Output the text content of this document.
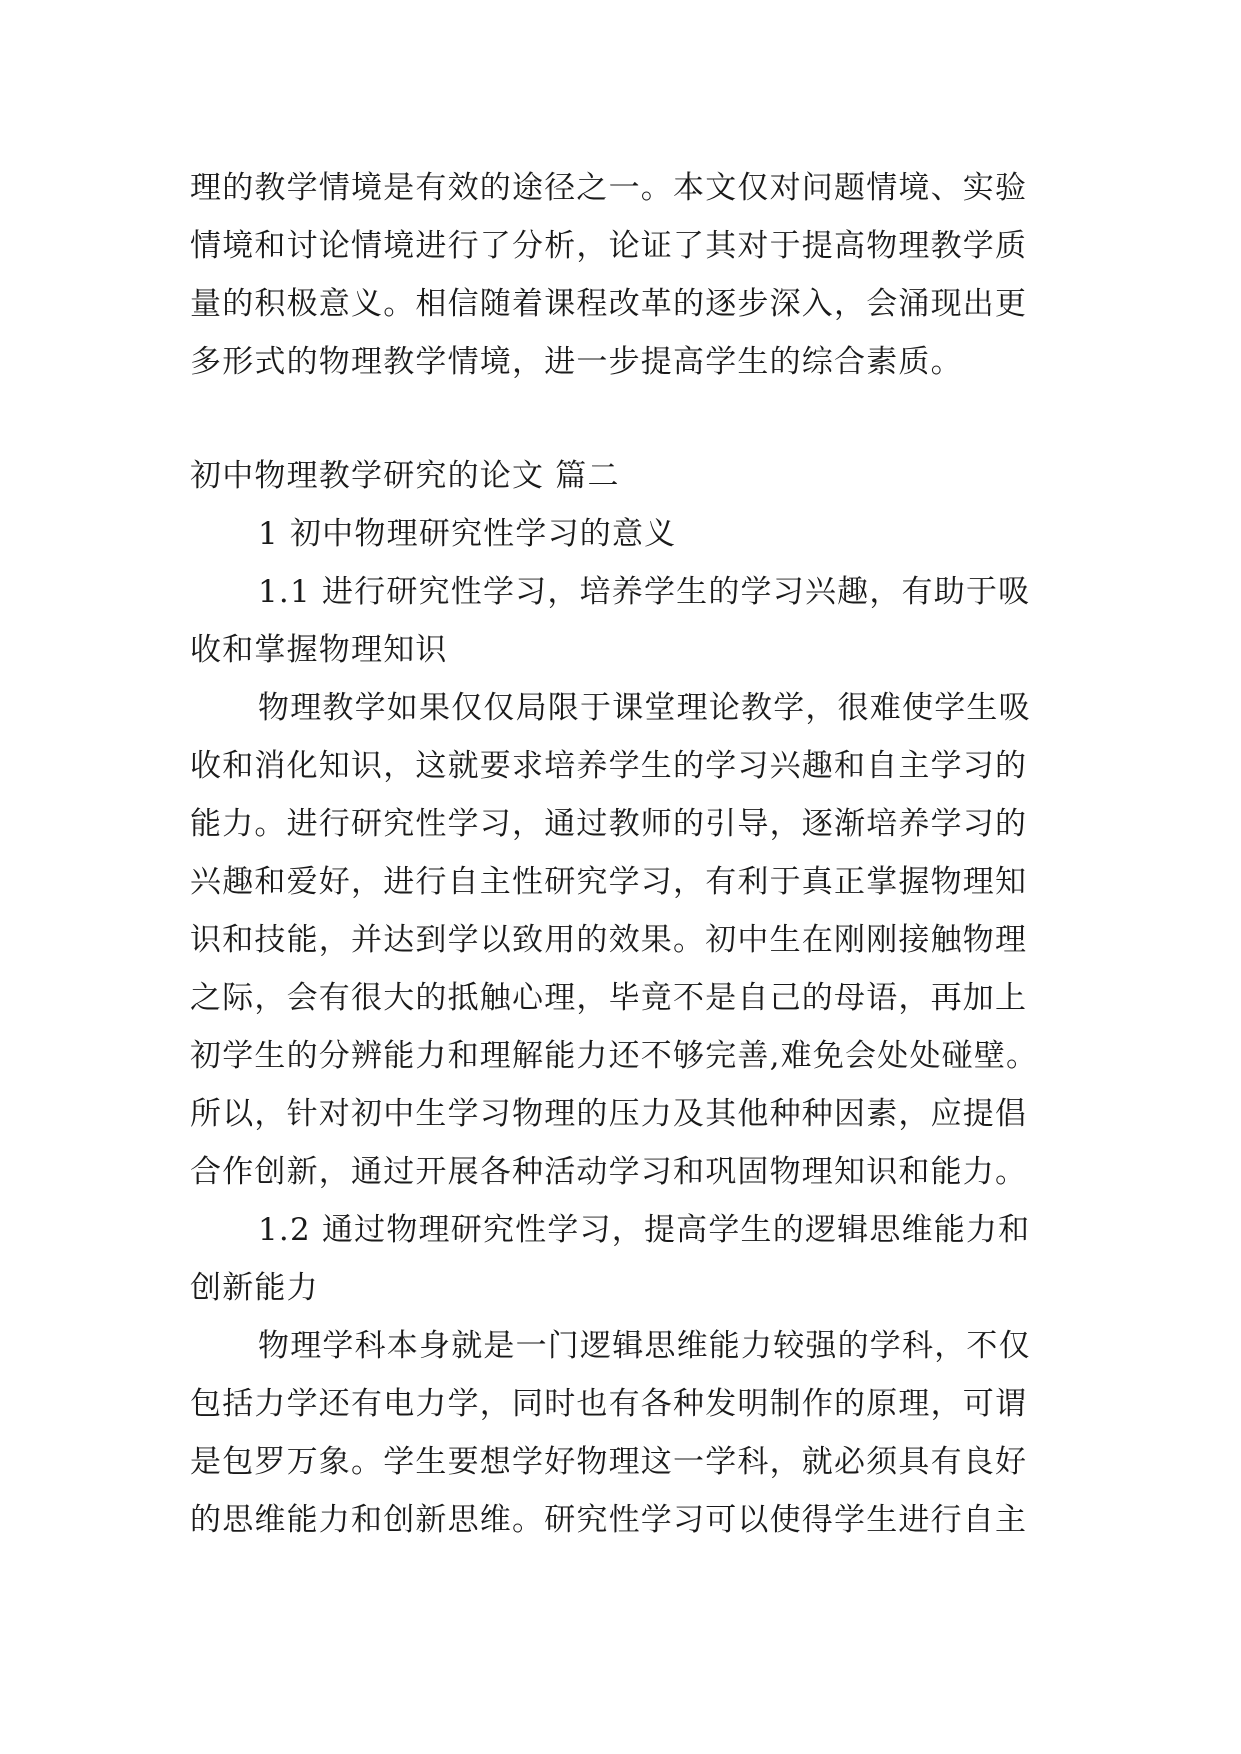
理的教学情境是有效的途径之一。本文仅对问题情境、实验
情境和讨论情境进行了分析，论证了其对于提高物理教学质
量的积极意义。相信随着课程改革的逐步深入，会涌现出更
多形式的物理教学情境，进一步提高学生的综合素质。
初中物理教学研究的论文 篇二
1 初中物理研究性学习的意义
1.1 进行研究性学习，培养学生的学习兴趣，有助于吸
收和掌握物理知识
物理教学如果仅仅局限于课堂理论教学，很难使学生吸
收和消化知识，这就要求培养学生的学习兴趣和自主学习的
能力。进行研究性学习，通过教师的引导，逐渐培养学习的
兴趣和爱好，进行自主性研究学习，有利于真正掌握物理知
识和技能，并达到学以致用的效果。初中生在刚刚接触物理
之际，会有很大的抵触心理，毕竟不是自己的母语，再加上
初学生的分辨能力和理解能力还不够完善,难免会处处碰壁。
所以，针对初中生学习物理的压力及其他种种因素，应提倡
合作创新，通过开展各种活动学习和巩固物理知识和能力。
1.2 通过物理研究性学习，提高学生的逻辑思维能力和
创新能力
物理学科本身就是一门逻辑思维能力较强的学科，不仅
包括力学还有电力学，同时也有各种发明制作的原理，可谓
是包罗万象。学生要想学好物理这一学科，就必须具有良好
的思维能力和创新思维。研究性学习可以使得学生进行自主
